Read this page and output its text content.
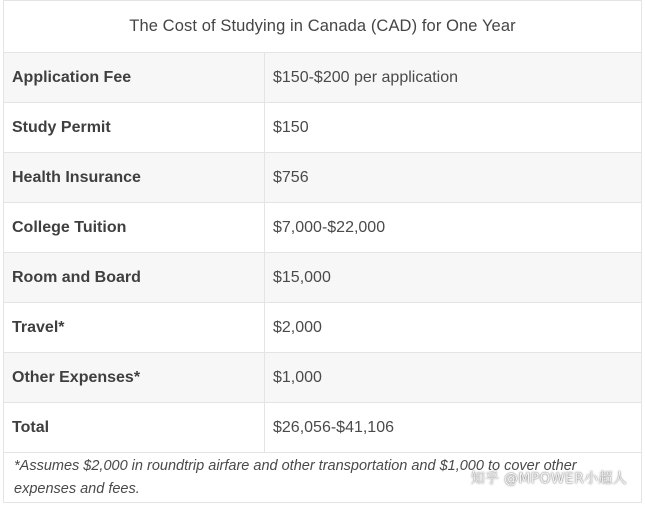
The Cost of Studying in Canada (CAD) for One Year
Application Fee	$150-$200 per application
Study Permit	$150
Health Insurance	$756
College Tuition	$7,000-$22,000
Room and Board	$15,000
Travel*	$2,000
Other Expenses*	$1,000
Total	$26,056-$41,106
*Assumes $2,000 in roundtrip airfare and other transportation and $1,000 to cover other expenses and fees.
知乎 @MPOWER小超人
